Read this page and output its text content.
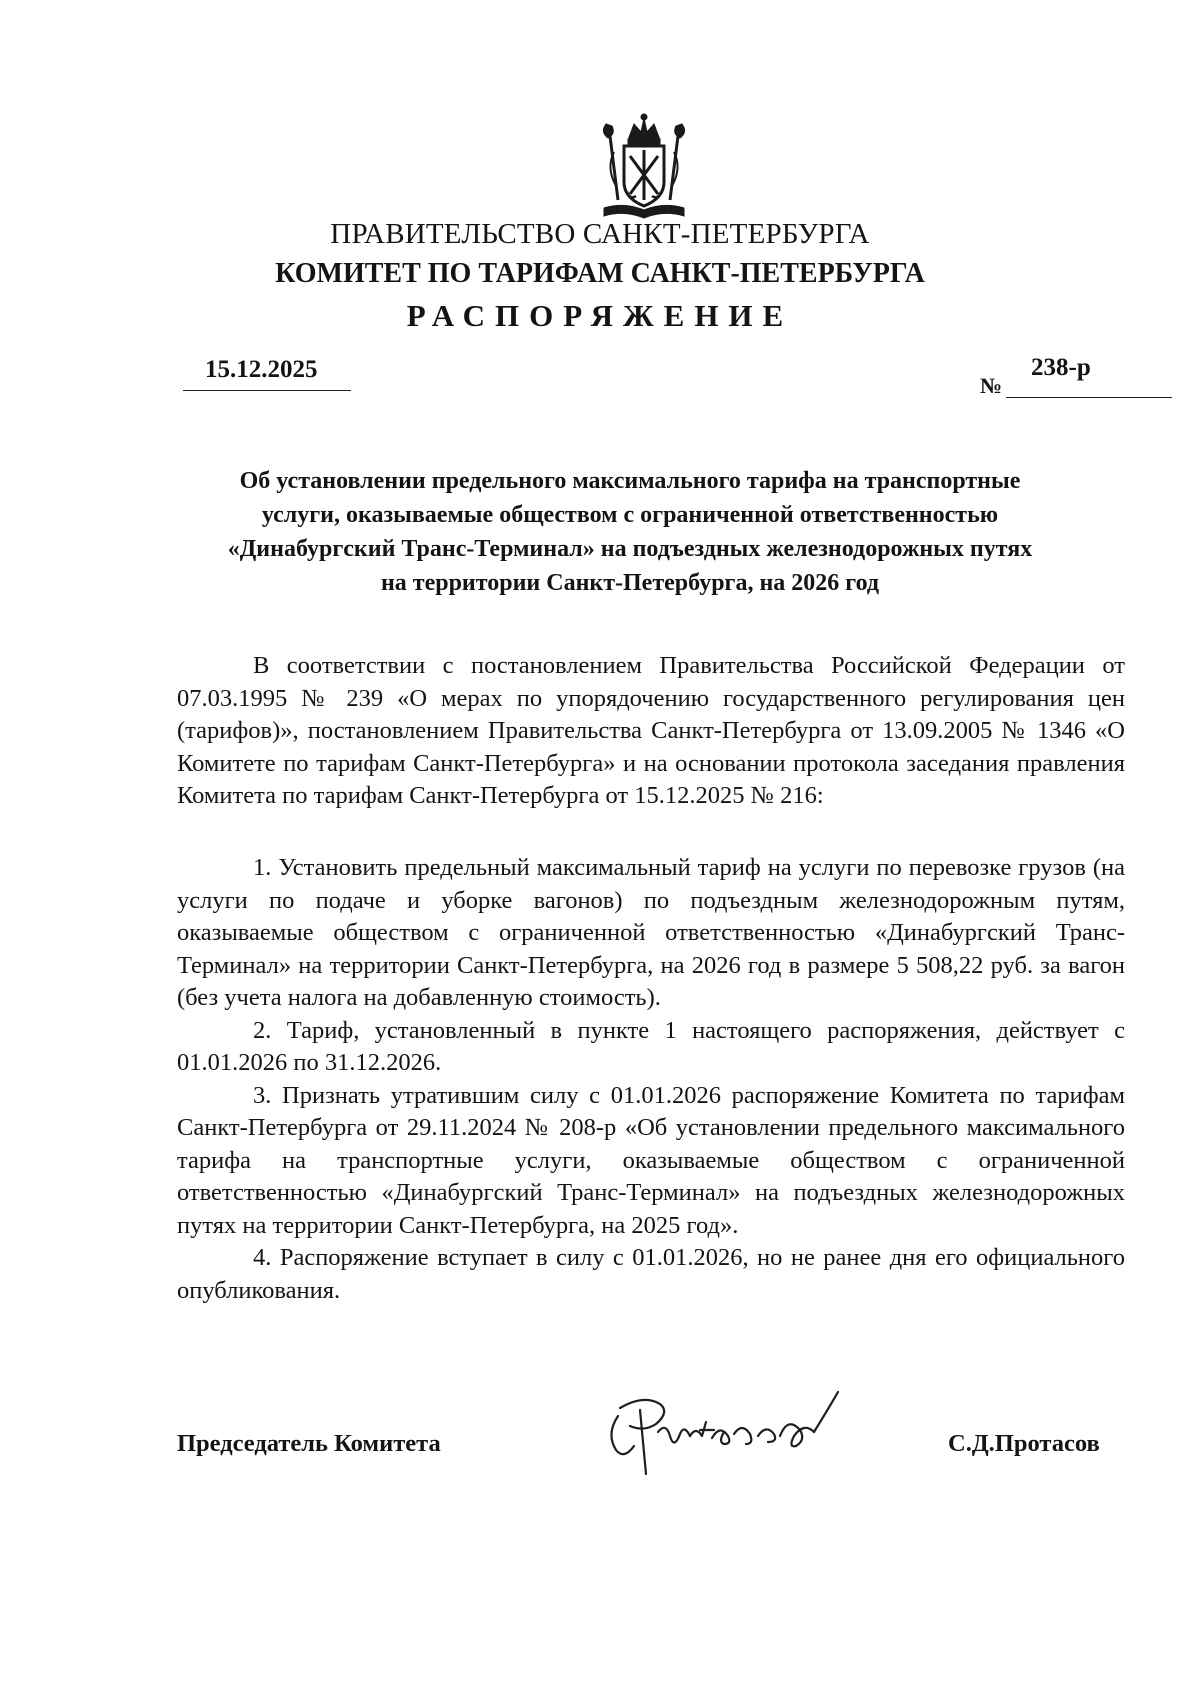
ПРАВИТЕЛЬСТВО САНКТ-ПЕТЕРБУРГА
КОМИТЕТ ПО ТАРИФАМ САНКТ-ПЕТЕРБУРГА
РАСПОРЯЖЕНИЕ
15.12.2025
№
238-р
Об установлении предельного максимального тарифа на транспортные
услуги, оказываемые обществом с ограниченной ответственностью
«Динабургский Транс-Терминал» на подъездных железнодорожных путях
на территории Санкт-Петербурга, на 2026 год

В соответствии с постановлением Правительства Российской Федерации от 07.03.1995 № 239 «О мерах по упорядочению государственного регулирования цен (тарифов)», постановлением Правительства Санкт-Петербурга от 13.09.2005 № 1346 «О Комитете по тарифам Санкт-Петербурга» и на основании протокола заседания правления Комитета по тарифам Санкт-Петербурга от 15.12.2025 № 216:

1. Установить предельный максимальный тариф на услуги по перевозке грузов (на услуги по подаче и уборке вагонов) по подъездным железнодорожным путям, оказываемые обществом с ограниченной ответственностью «Динабургский Транс-Терминал» на территории Санкт-Петербурга, на 2026 год в размере 5 508,22 руб. за вагон (без учета налога на добавленную стоимость).

2. Тариф, установленный в пункте 1 настоящего распоряжения, действует с 01.01.2026 по 31.12.2026.

3. Признать утратившим силу с 01.01.2026 распоряжение Комитета по тарифам Санкт-Петербурга от 29.11.2024 № 208-р «Об установлении предельного максимального тарифа на транспортные услуги, оказываемые обществом с ограниченной ответственностью «Динабургский Транс-Терминал» на подъездных железнодорожных путях на территории Санкт-Петербурга, на 2025 год».

4. Распоряжение вступает в силу с 01.01.2026, но не ранее дня его официального опубликования.

Председатель Комитета	С.Д.Протасов
